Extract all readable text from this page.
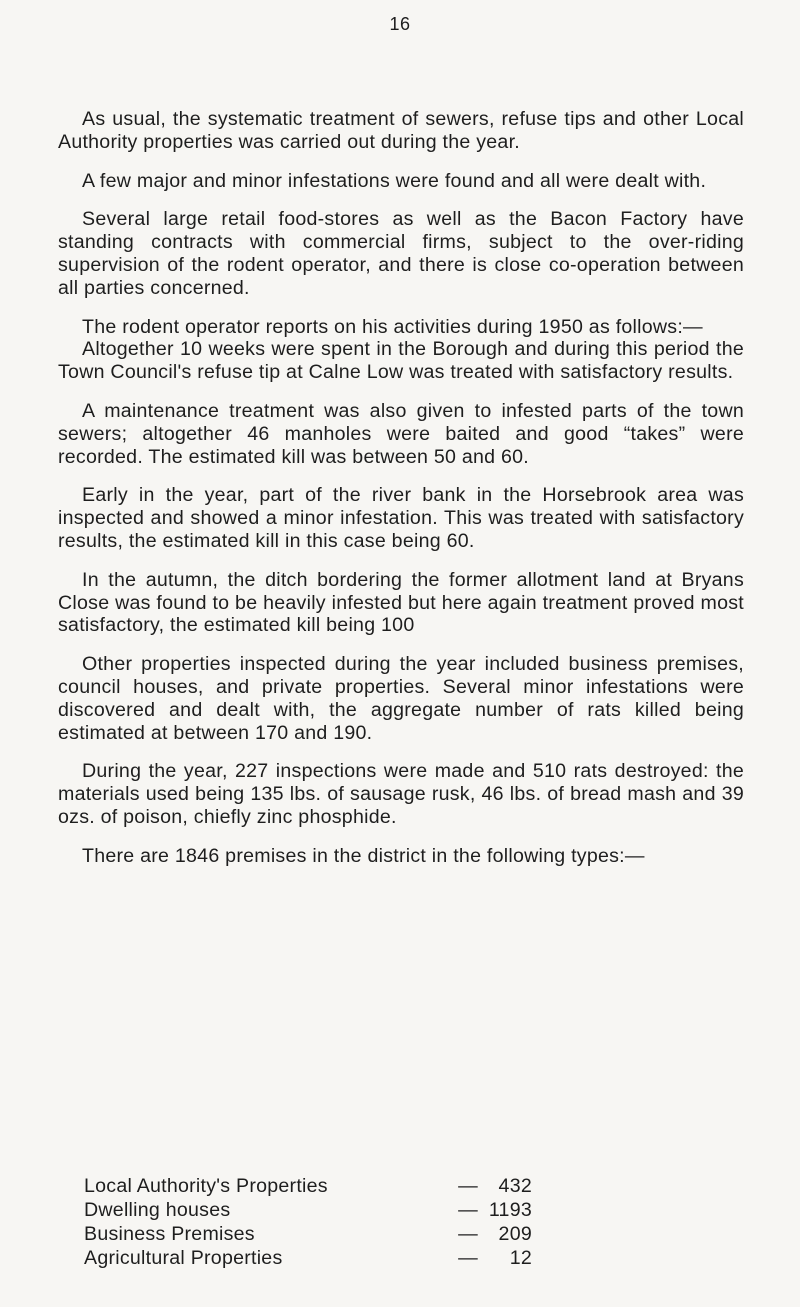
16

As usual, the systematic treatment of sewers, refuse tips and other Local Authority properties was carried out during the year.

A few major and minor infestations were found and all were dealt with.

Several large retail food-stores as well as the Bacon Factory have standing contracts with commercial firms, subject to the over-riding supervision of the rodent operator, and there is close co-operation between all parties concerned.

The rodent operator reports on his activities during 1950 as follows:—

Altogether 10 weeks were spent in the Borough and during this period the Town Council's refuse tip at Calne Low was treated with satisfactory results.

A maintenance treatment was also given to infested parts of the town sewers; altogether 46 manholes were baited and good “takes” were recorded. The estimated kill was between 50 and 60.

Early in the year, part of the river bank in the Horsebrook area was inspected and showed a minor infestation. This was treated with satisfactory results, the estimated kill in this case being 60.

In the autumn, the ditch bordering the former allotment land at Bryans Close was found to be heavily infested but here again treatment proved most satisfactory, the estimated kill being 100

Other properties inspected during the year included business premises, council houses, and private properties. Several minor infestations were discovered and dealt with, the aggregate number of rats killed being estimated at between 170 and 190.

During the year, 227 inspections were made and 510 rats destroyed: the materials used being 135 lbs. of sausage rusk, 46 lbs. of bread mash and 39 ozs. of poison, chiefly zinc phosphide.

There are 1846 premises in the district in the following types:—

Local Authority's Properties	—	432
Dwelling houses	— 1193
Business Premises	—	209
Agricultural Properties	—	12
